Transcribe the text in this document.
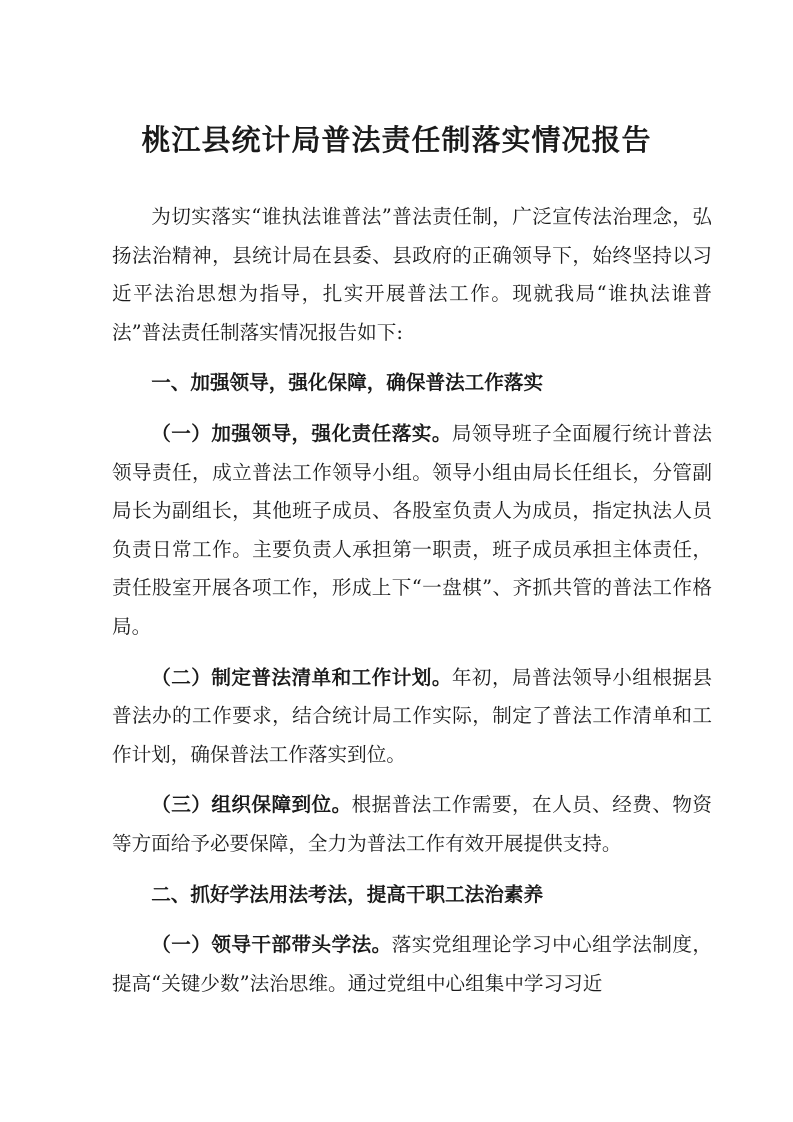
桃江县统计局普法责任制落实情况报告

为切实落实“谁执法谁普法”普法责任制，广泛宣传法治理念，弘扬法治精神，县统计局在县委、县政府的正确领导下，始终坚持以习近平法治思想为指导，扎实开展普法工作。现就我局“谁执法谁普法”普法责任制落实情况报告如下:

一、加强领导，强化保障，确保普法工作落实

（一）加强领导，强化责任落实。局领导班子全面履行统计普法领导责任，成立普法工作领导小组。领导小组由局长任组长，分管副局长为副组长，其他班子成员、各股室负责人为成员，指定执法人员负责日常工作。主要负责人承担第一职责，班子成员承担主体责任，责任股室开展各项工作，形成上下“一盘棋”、齐抓共管的普法工作格局。

（二）制定普法清单和工作计划。年初，局普法领导小组根据县普法办的工作要求，结合统计局工作实际，制定了普法工作清单和工作计划，确保普法工作落实到位。

（三）组织保障到位。根据普法工作需要，在人员、经费、物资等方面给予必要保障，全力为普法工作有效开展提供支持。

二、抓好学法用法考法，提高干职工法治素养

（一）领导干部带头学法。落实党组理论学习中心组学法制度，提高“关键少数”法治思维。通过党组中心组集中学习习近
